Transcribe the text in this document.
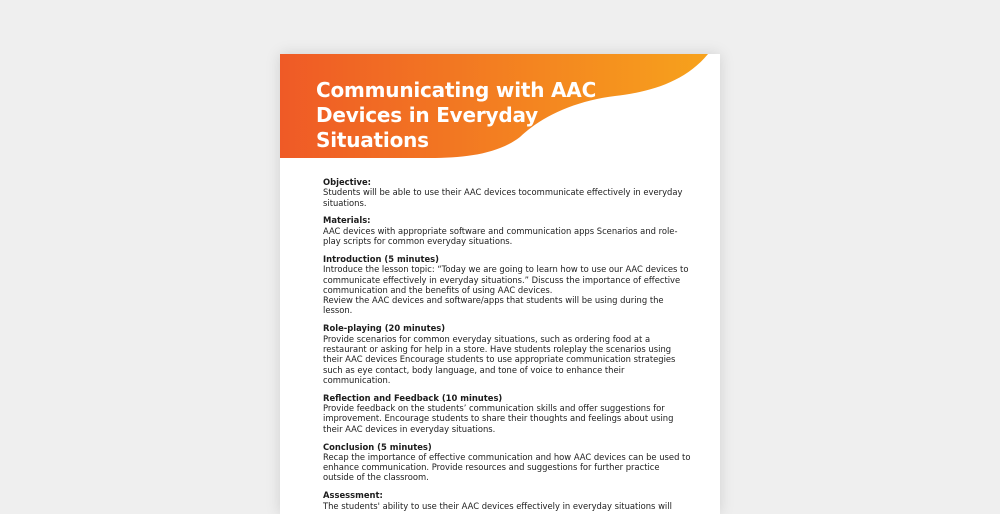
Communicating with AAC Devices in Everyday Situations
Objective:

Students will be able to use their AAC devices tocommunicate effectively in everyday situations.

Materials:

AAC devices with appropriate software and communication apps Scenarios and role-play scripts for common everyday situations.

Introduction (5 minutes)

Introduce the lesson topic: “Today we are going to learn how to use our AAC devices to communicate effectively in everyday situations.” Discuss the importance of effective communication and the benefits of using AAC devices.

Review the AAC devices and software/apps that students will be using during the lesson.

Role-playing (20 minutes)

Provide scenarios for common everyday situations, such as ordering food at a restaurant or asking for help in a store. Have students roleplay the scenarios using their AAC devices Encourage students to use appropriate communication strategies such as eye contact, body language, and tone of voice to enhance their communication.

Reflection and Feedback (10 minutes)

Provide feedback on the students’ communication skills and offer suggestions for improvement. Encourage students to share their thoughts and feelings about using their AAC devices in everyday situations.

Conclusion (5 minutes)

Recap the importance of effective communication and how AAC devices can be used to enhance communication. Provide resources and suggestions for further practice outside of the classroom.

Assessment:

The students' ability to use their AAC devices effectively in everyday situations will
